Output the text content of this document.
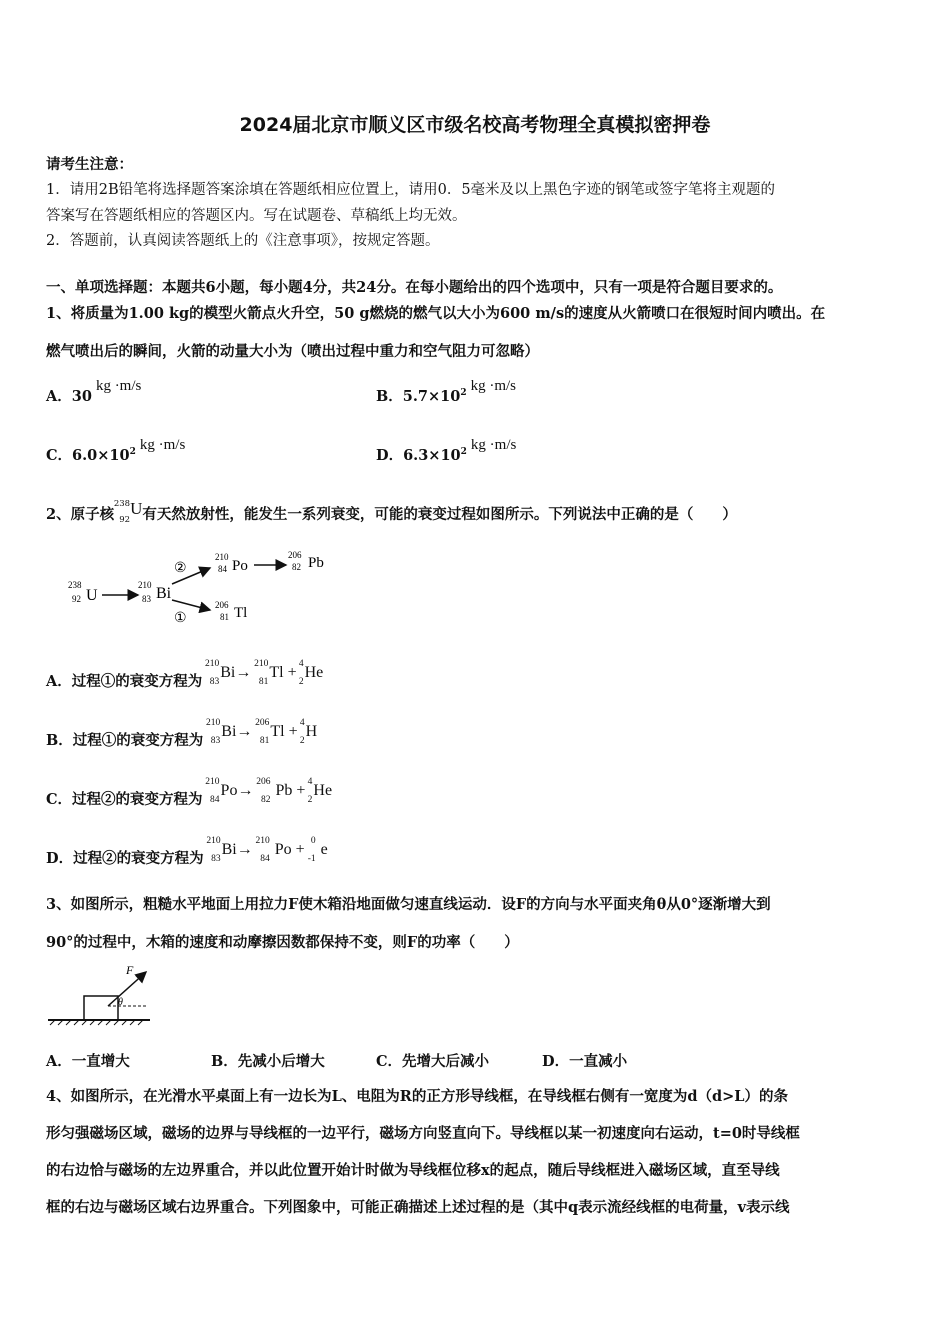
2024届北京市顺义区市级名校高考物理全真模拟密押卷
请考生注意：
1．请用2B铅笔将选择题答案涂填在答题纸相应位置上，请用0．5毫米及以上黑色字迹的钢笔或签字笔将主观题的
答案写在答题纸相应的答题区内。写在试题卷、草稿纸上均无效。
2．答题前，认真阅读答题纸上的《注意事项》，按规定答题。
一、单项选择题：本题共6小题，每小题4分，共24分。在每小题给出的四个选项中，只有一项是符合题目要求的。
1、将质量为1.00 kg的模型火箭点火升空，50 g燃烧的燃气以大小为600 m/s的速度从火箭喷口在很短时间内喷出。在
燃气喷出后的瞬间，火箭的动量大小为（喷出过程中重力和空气阻力可忽略）
A．30kg ·m/s
B．$5.7\times 10^2$ kg ·m/s
C．$6.0\times 10^2$ kg ·m/s
D．$6.3\times 10^2$ kg ·m/s
2、原子核
238
92
U有天然放射性，能发生一系列衰变，可能的衰变过程如图所示。下列说法中正确的是（　　）
238
92 U
210
83 Bi
②
①
210
84 Po
206
82 Pb
206
81 Tl
A．过程①的衰变方程为
210
83
Bi→ 210
81
Tl + 4
2
He
B．过程①的衰变方程为
210
83
Bi→ 206
81
Tl + 4
2
H
C．过程②的衰变方程为
210
84
Po→ 206
82
Pb + 4
2
He
D．过程②的衰变方程为
210
83
Bi→ 210
84
Po + 0
-1
e
3、如图所示，粗糙水平地面上用拉力F使木箱沿地面做匀速直线运动．设F的方向与水平面夹角θ从0°逐渐增大到
90°的过程中，木箱的速度和动摩擦因数都保持不变，则F的功率（　　）
F
θ
A．一直增大	B．先减小后增大	C．先增大后减小	D．一直减小
4、如图所示，在光滑水平桌面上有一边长为L、电阻为R的正方形导线框，在导线框右侧有一宽度为d（d>L）的条
形匀强磁场区域，磁场的边界与导线框的一边平行，磁场方向竖直向下。导线框以某一初速度向右运动，t=0时导线框
的右边恰与磁场的左边界重合，并以此位置开始计时做为导线框位移x的起点，随后导线框进入磁场区域，直至导线
框的右边与磁场区域右边界重合。下列图象中，可能正确描述上述过程的是（其中q表示流经线框的电荷量，v表示线
